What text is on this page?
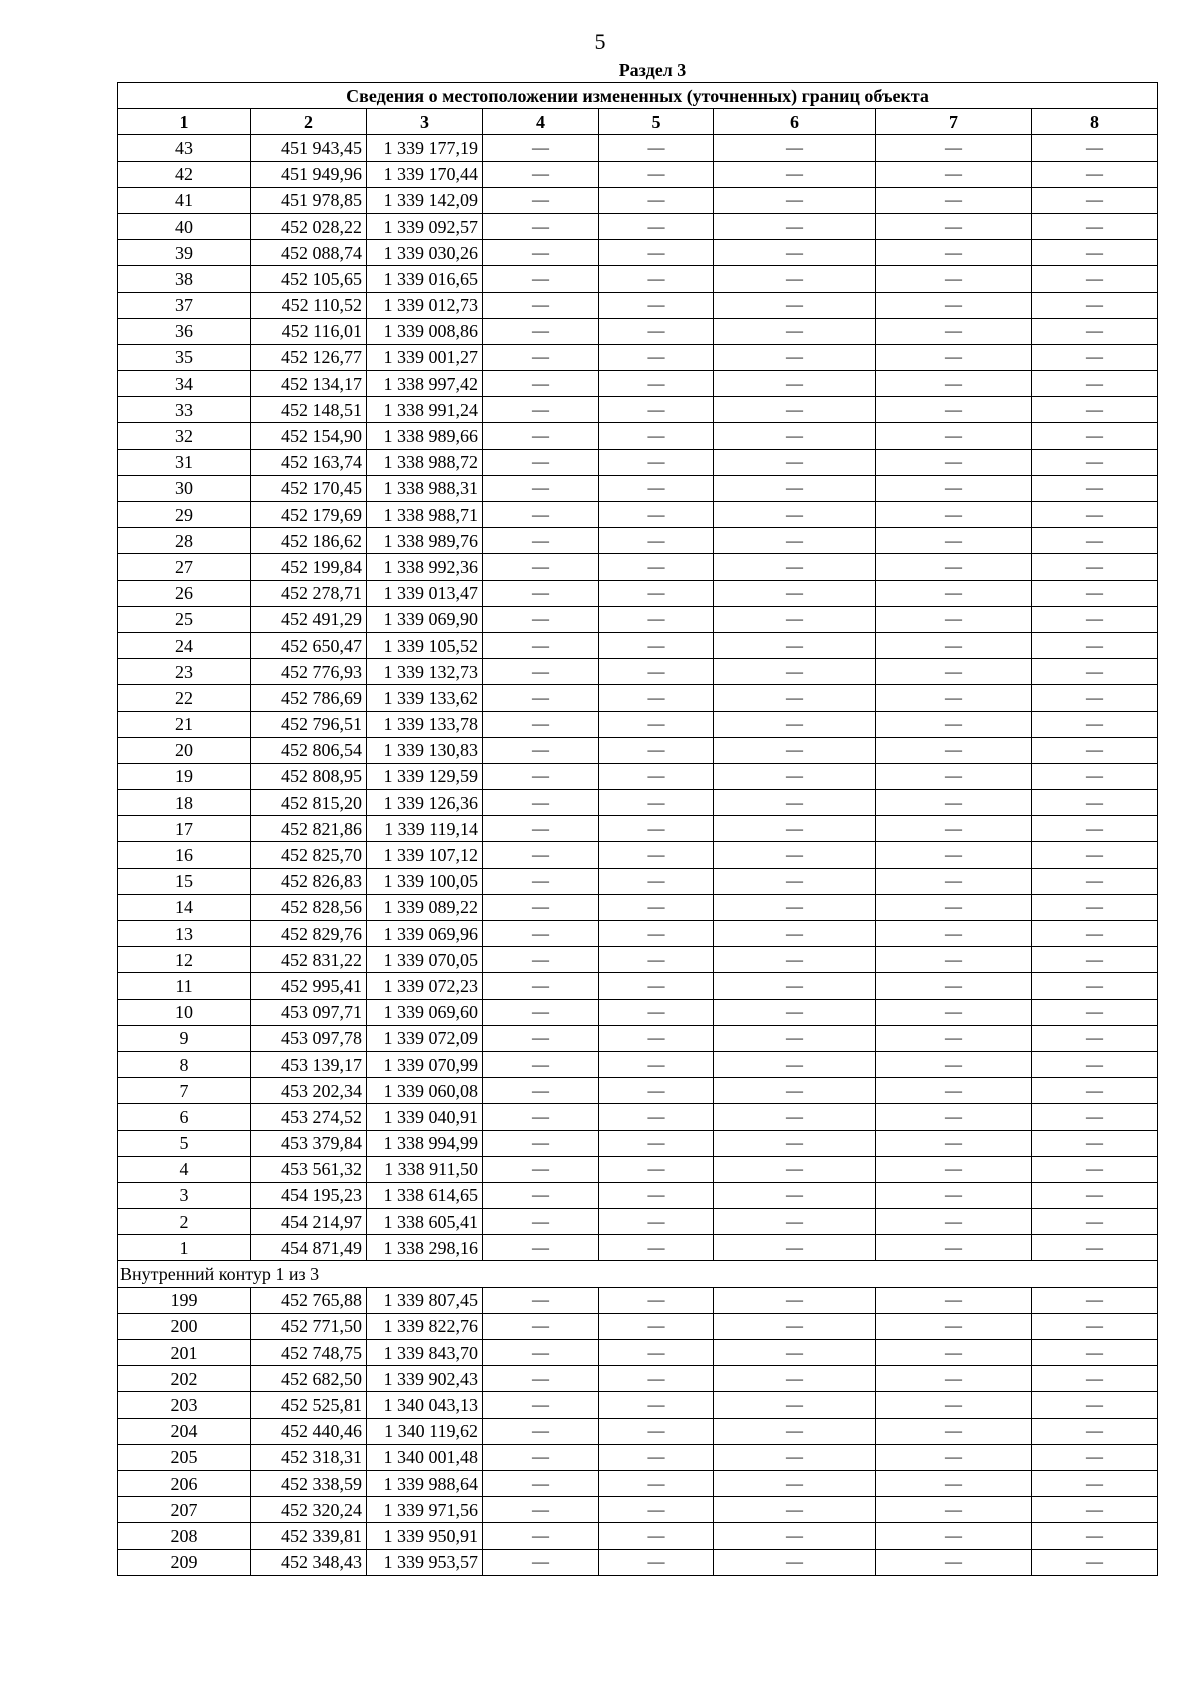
5
Раздел 3
Сведения о местоположении измененных (уточненных) границ объекта							
1	2	3	4	5	6	7	8
43	451 943,45	1 339 177,19	—	—	—	—	—
42	451 949,96	1 339 170,44	—	—	—	—	—
41	451 978,85	1 339 142,09	—	—	—	—	—
40	452 028,22	1 339 092,57	—	—	—	—	—
39	452 088,74	1 339 030,26	—	—	—	—	—
38	452 105,65	1 339 016,65	—	—	—	—	—
37	452 110,52	1 339 012,73	—	—	—	—	—
36	452 116,01	1 339 008,86	—	—	—	—	—
35	452 126,77	1 339 001,27	—	—	—	—	—
34	452 134,17	1 338 997,42	—	—	—	—	—
33	452 148,51	1 338 991,24	—	—	—	—	—
32	452 154,90	1 338 989,66	—	—	—	—	—
31	452 163,74	1 338 988,72	—	—	—	—	—
30	452 170,45	1 338 988,31	—	—	—	—	—
29	452 179,69	1 338 988,71	—	—	—	—	—
28	452 186,62	1 338 989,76	—	—	—	—	—
27	452 199,84	1 338 992,36	—	—	—	—	—
26	452 278,71	1 339 013,47	—	—	—	—	—
25	452 491,29	1 339 069,90	—	—	—	—	—
24	452 650,47	1 339 105,52	—	—	—	—	—
23	452 776,93	1 339 132,73	—	—	—	—	—
22	452 786,69	1 339 133,62	—	—	—	—	—
21	452 796,51	1 339 133,78	—	—	—	—	—
20	452 806,54	1 339 130,83	—	—	—	—	—
19	452 808,95	1 339 129,59	—	—	—	—	—
18	452 815,20	1 339 126,36	—	—	—	—	—
17	452 821,86	1 339 119,14	—	—	—	—	—
16	452 825,70	1 339 107,12	—	—	—	—	—
15	452 826,83	1 339 100,05	—	—	—	—	—
14	452 828,56	1 339 089,22	—	—	—	—	—
13	452 829,76	1 339 069,96	—	—	—	—	—
12	452 831,22	1 339 070,05	—	—	—	—	—
11	452 995,41	1 339 072,23	—	—	—	—	—
10	453 097,71	1 339 069,60	—	—	—	—	—
9	453 097,78	1 339 072,09	—	—	—	—	—
8	453 139,17	1 339 070,99	—	—	—	—	—
7	453 202,34	1 339 060,08	—	—	—	—	—
6	453 274,52	1 339 040,91	—	—	—	—	—
5	453 379,84	1 338 994,99	—	—	—	—	—
4	453 561,32	1 338 911,50	—	—	—	—	—
3	454 195,23	1 338 614,65	—	—	—	—	—
2	454 214,97	1 338 605,41	—	—	—	—	—
1	454 871,49	1 338 298,16	—	—	—	—	—
Внутренний контур 1 из 3							
199	452 765,88	1 339 807,45	—	—	—	—	—
200	452 771,50	1 339 822,76	—	—	—	—	—
201	452 748,75	1 339 843,70	—	—	—	—	—
202	452 682,50	1 339 902,43	—	—	—	—	—
203	452 525,81	1 340 043,13	—	—	—	—	—
204	452 440,46	1 340 119,62	—	—	—	—	—
205	452 318,31	1 340 001,48	—	—	—	—	—
206	452 338,59	1 339 988,64	—	—	—	—	—
207	452 320,24	1 339 971,56	—	—	—	—	—
208	452 339,81	1 339 950,91	—	—	—	—	—
209	452 348,43	1 339 953,57	—	—	—	—	—
